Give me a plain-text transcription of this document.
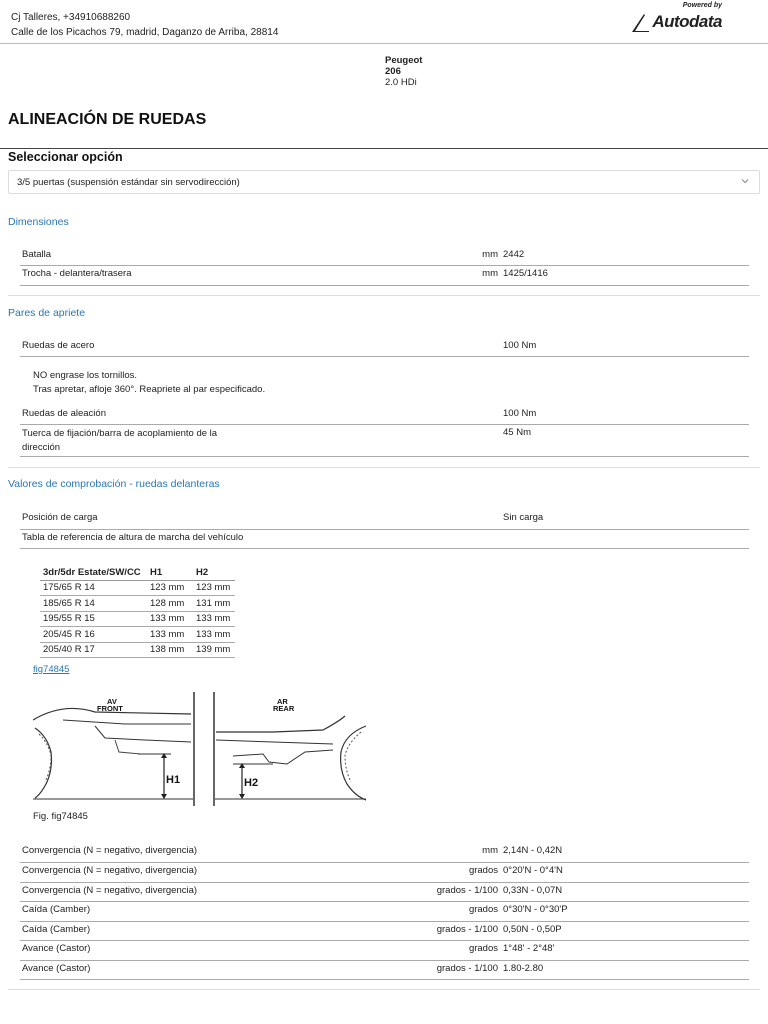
Cj Talleres, +34910688260
Calle de los Picachos 79, madrid, Daganzo de Arriba, 28814
Powered by
Autodata
Peugeot
206
2.0 HDi
ALINEACIÓN DE RUEDAS
Seleccionar opción
3/5 puertas (suspensión estándar sin servodirección)
Dimensiones
Batalla	mm 2442
Trocha - delantera/trasera	mm 1425/1416
Pares de apriete
Ruedas de acero	100 Nm
NO engrase los tornillos.
Tras apretar, afloje 360°. Reapriete al par especificado.
Ruedas de aleación	100 Nm
Tuerca de fijación/barra de acoplamiento de la
dirección
45 Nm
Valores de comprobación - ruedas delanteras
Posición de carga	Sin carga
Tabla de referencia de altura de marcha del vehículo
3dr/5dr Estate/SW/CC	H1	H2
175/65 R 14	123 mm	123 mm
185/65 R 14	128 mm	131 mm
195/55 R 15	133 mm	133 mm
205/45 R 16	133 mm	133 mm
205/40 R 17	138 mm	139 mm
fig74845
AV
FRONT
H1
AR
REAR
H2
Fig. fig74845
Convergencia (N = negativo, divergencia)	mm 2,14N - 0,42N
Convergencia (N = negativo, divergencia)	grados 0°20'N - 0°4'N
Convergencia (N = negativo, divergencia)	grados - 1/100 0,33N - 0,07N
Caída (Camber)	grados 0°30'N - 0°30'P
Caída (Camber)	grados - 1/100 0,50N - 0,50P
Avance (Castor)	grados 1°48' - 2°48'
Avance (Castor)	grados - 1/100 1.80-2.80
